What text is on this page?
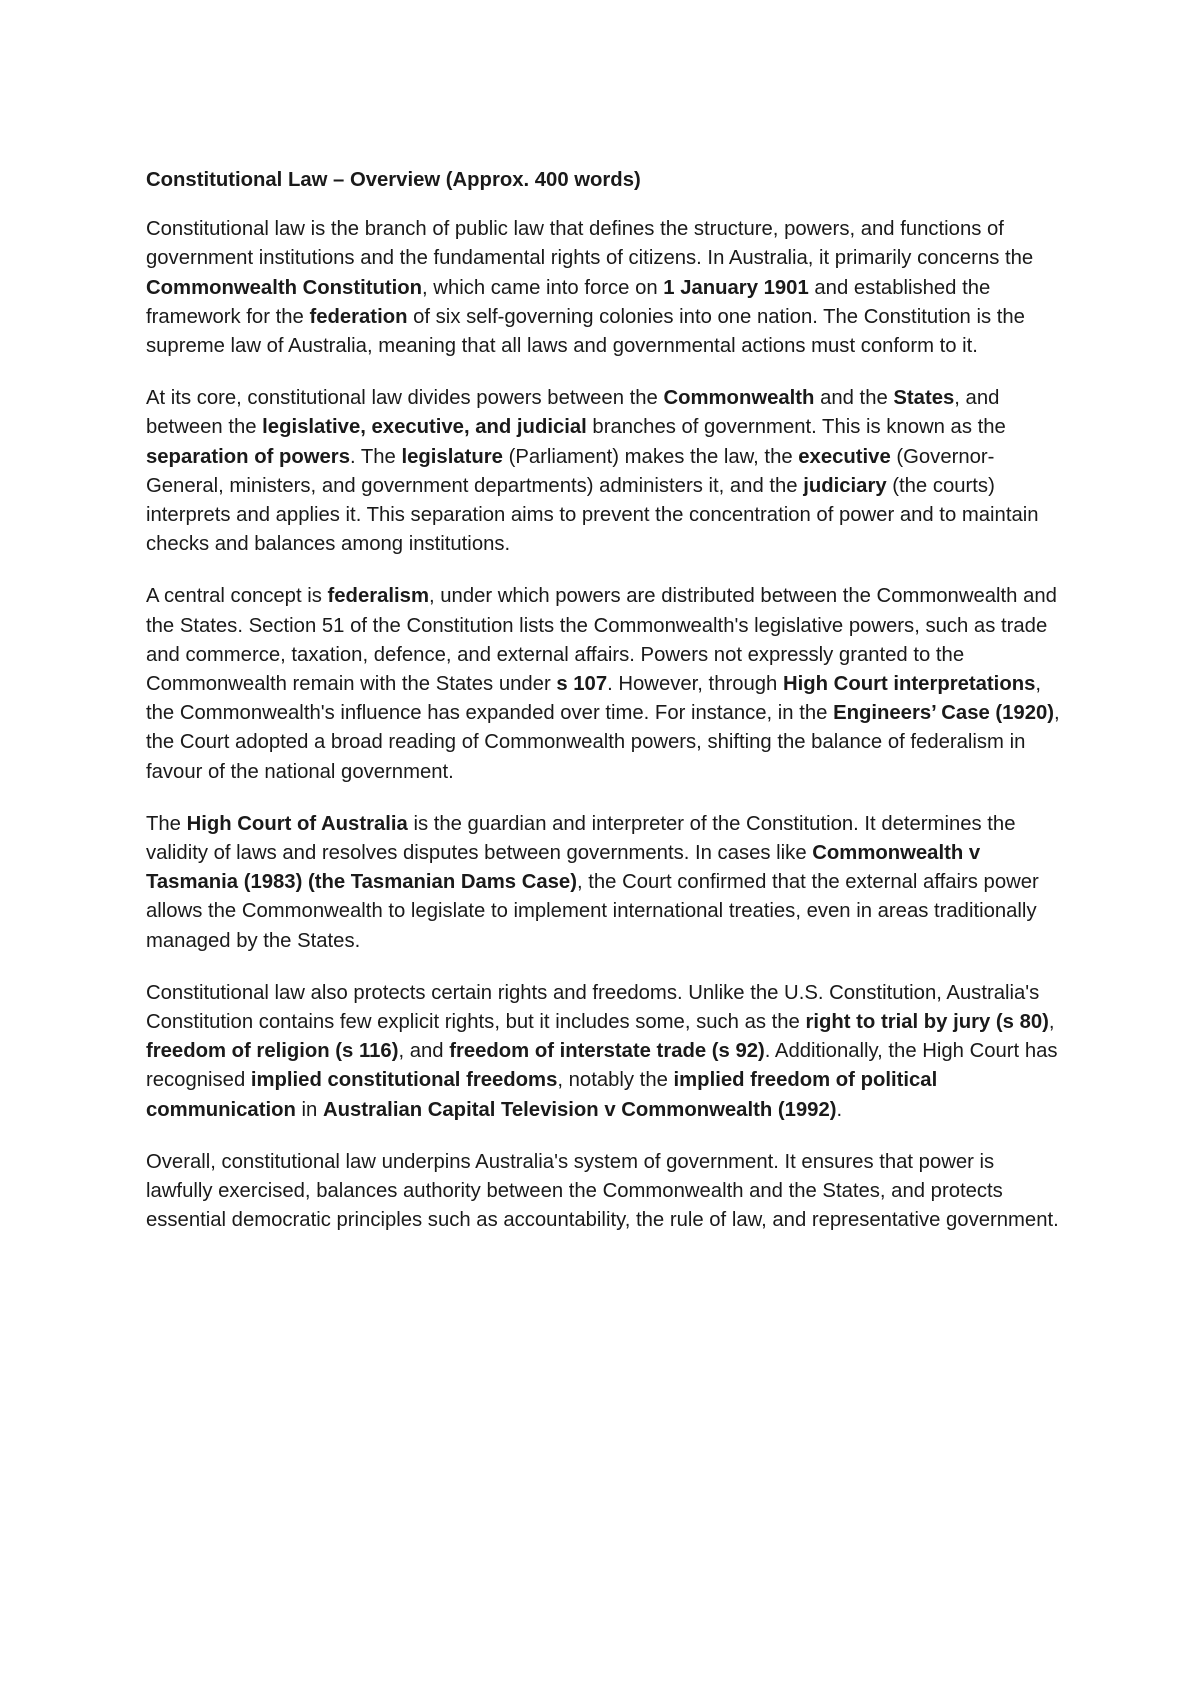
Constitutional Law – Overview (Approx. 400 words)

Constitutional law is the branch of public law that defines the structure, powers, and functions of government institutions and the fundamental rights of citizens. In Australia, it primarily concerns the Commonwealth Constitution, which came into force on 1 January 1901 and established the framework for the federation of six self-governing colonies into one nation. The Constitution is the supreme law of Australia, meaning that all laws and governmental actions must conform to it.

At its core, constitutional law divides powers between the Commonwealth and the States, and between the legislative, executive, and judicial branches of government. This is known as the separation of powers. The legislature (Parliament) makes the law, the executive (Governor-General, ministers, and government departments) administers it, and the judiciary (the courts) interprets and applies it. This separation aims to prevent the concentration of power and to maintain checks and balances among institutions.

A central concept is federalism, under which powers are distributed between the Commonwealth and the States. Section 51 of the Constitution lists the Commonwealth's legislative powers, such as trade and commerce, taxation, defence, and external affairs. Powers not expressly granted to the Commonwealth remain with the States under s 107. However, through High Court interpretations, the Commonwealth's influence has expanded over time. For instance, in the Engineers’ Case (1920), the Court adopted a broad reading of Commonwealth powers, shifting the balance of federalism in favour of the national government.

The High Court of Australia is the guardian and interpreter of the Constitution. It determines the validity of laws and resolves disputes between governments. In cases like Commonwealth v Tasmania (1983) (the Tasmanian Dams Case), the Court confirmed that the external affairs power allows the Commonwealth to legislate to implement international treaties, even in areas traditionally managed by the States.

Constitutional law also protects certain rights and freedoms. Unlike the U.S. Constitution, Australia's Constitution contains few explicit rights, but it includes some, such as the right to trial by jury (s 80), freedom of religion (s 116), and freedom of interstate trade (s 92). Additionally, the High Court has recognised implied constitutional freedoms, notably the implied freedom of political communication in Australian Capital Television v Commonwealth (1992).

Overall, constitutional law underpins Australia's system of government. It ensures that power is lawfully exercised, balances authority between the Commonwealth and the States, and protects essential democratic principles such as accountability, the rule of law, and representative government.
